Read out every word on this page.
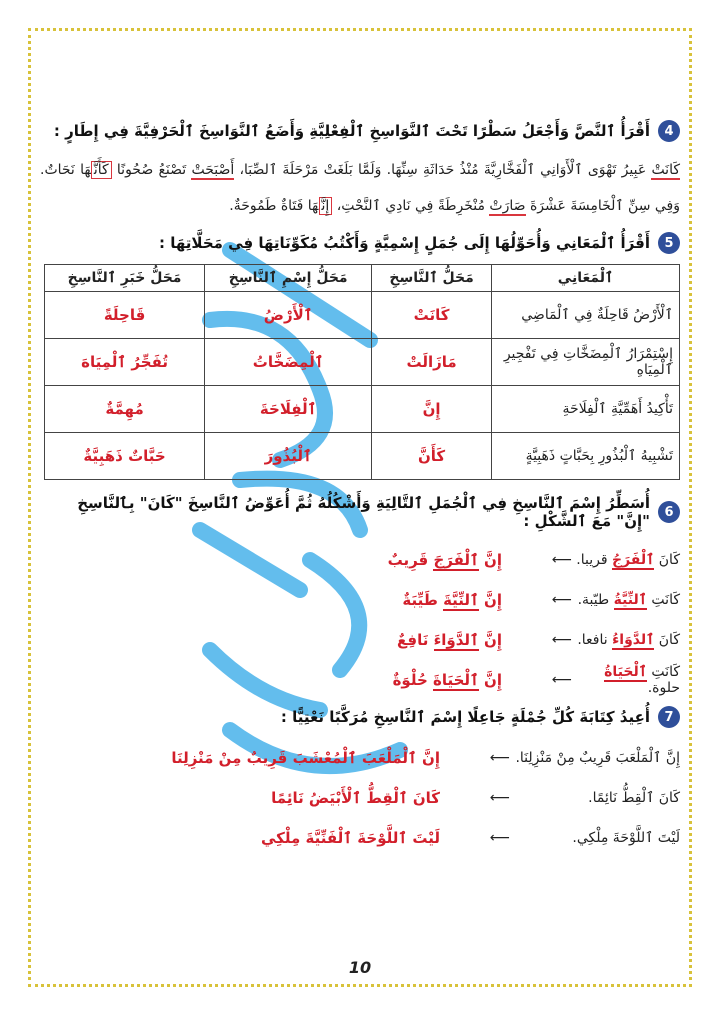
4
أَقْرَأُ ٱلنَّصَّ وَأَجْعَلُ سَطْرًا تَحْتَ ٱلنَّوَاسِخِ ٱلْفِعْلِيَّةِ وَأَضَعُ ٱلنَّوَاسِخَ ٱلْحَرْفِيَّةَ فِي إِطَارٍ :

كَانَتْ عَبِيرُ تَهْوَى ٱلْأَوَانِي ٱلْفَخَّارِيَّةَ مُنْذُ حَدَاثَةِ سِنِّهَا. وَلَمَّا بَلَغَتْ مَرْحَلَةَ ٱلصِّبَا، أَصْبَحَتْ تَصْنَعُ صُحُونًا كَأَنَّهَا نَحَاتٌ. وَفِي سِنِّ ٱلْخَامِسَةَ عَشْرَةَ صَارَتْ مُنْخَرِطَةً فِي نَادِي ٱلنَّحْتِ، إِنَّهَا فَتَاةٌ طَمُوحَةٌ.

5
أَقْرَأُ ٱلْمَعَانِي وَأُحَوِّلُهَا إِلَى جُمَلٍ إِسْمِيَّةٍ وَأَكْتُبُ مُكَوِّنَاتِهَا فِي مَحَلَّاتِهَا :
ٱلْمَعَانِي	مَحَلُّ ٱلنَّاسِخِ	مَحَلُّ إِسْمِ ٱلنَّاسِخِ	مَحَلُّ خَبَرِ ٱلنَّاسِخِ
ٱلْأَرْضُ قَاحِلَةٌ فِي ٱلْمَاضِي	كَانَتْ	ٱلْأَرْضُ	قَاحِلَةً
إِسْتِمْرَارُ ٱلْمِضَخَّاتِ فِي تَفْجِيرِ ٱلْمِيَاهِ	مَازَالَتْ	ٱلْمِضَخَّاتُ	تُفَجِّرُ ٱلْمِيَاهَ
تَأْكِيدُ أَهَمِّيَّةِ ٱلْفِلَاحَةِ	إِنَّ	ٱلْفِلَاحَةَ	مُهِمَّةٌ
تَشْبِيهُ ٱلْبُذُورِ بِحَبَّاتٍ ذَهَبِيَّةٍ	كَأَنَّ	ٱلْبُذُورَ	حَبَّاتٌ ذَهَبِيَّةٌ
6
أُسَطِّرُ إِسْمَ ٱلنَّاسِخِ فِي ٱلْجُمَلِ ٱلتَّالِيَةِ وَأَشْكُلُهُ ثُمَّ أُعَوِّضُ ٱلنَّاسِخَ "كَانَ" بِٱلنَّاسِخِ "إِنَّ" مَعَ ٱلشَّكْلِ :
كَانَ ٱلْفَرَجُ قريبا.
⟵
إِنَّ ٱلْفَرَجَ قَرِيبٌ
كَانَتِ ٱلنِّيَّةُ طيّبة.
⟵
إِنَّ ٱلنِّيَّةَ طَيِّبَةٌ
كَانَ ٱلدَّوَاءُ نافعا.
⟵
إِنَّ ٱلدَّوَاءَ نَافِعٌ
كَانَتِ ٱلْحَيَاةُ حلوة.
⟵
إِنَّ ٱلْحَيَاةَ حُلْوَةٌ
7
أُعِيدُ كِتَابَةَ كُلِّ جُمْلَةٍ جَاعِلًا إِسْمَ ٱلنَّاسِخِ مُرَكَّبًا نَعْتِيًّا :
إِنَّ ٱلْمَلْعَبَ قَرِيبٌ مِنْ مَنْزِلِنَا.
⟵
إِنَّ ٱلْمَلْعَبَ ٱلْمُعْشَبَ قَرِيبٌ مِنْ مَنْزِلِنَا
كَانَ ٱلْقِطُّ نَائِمًا.
⟵
كَانَ ٱلْقِطُّ ٱلْأَبْيَضُ نَائِمًا
لَيْتَ ٱللَّوْحَةَ مِلْكِي.
⟵
لَيْتَ ٱللَّوْحَةَ ٱلْفَنِّيَّةَ مِلْكِي
10
